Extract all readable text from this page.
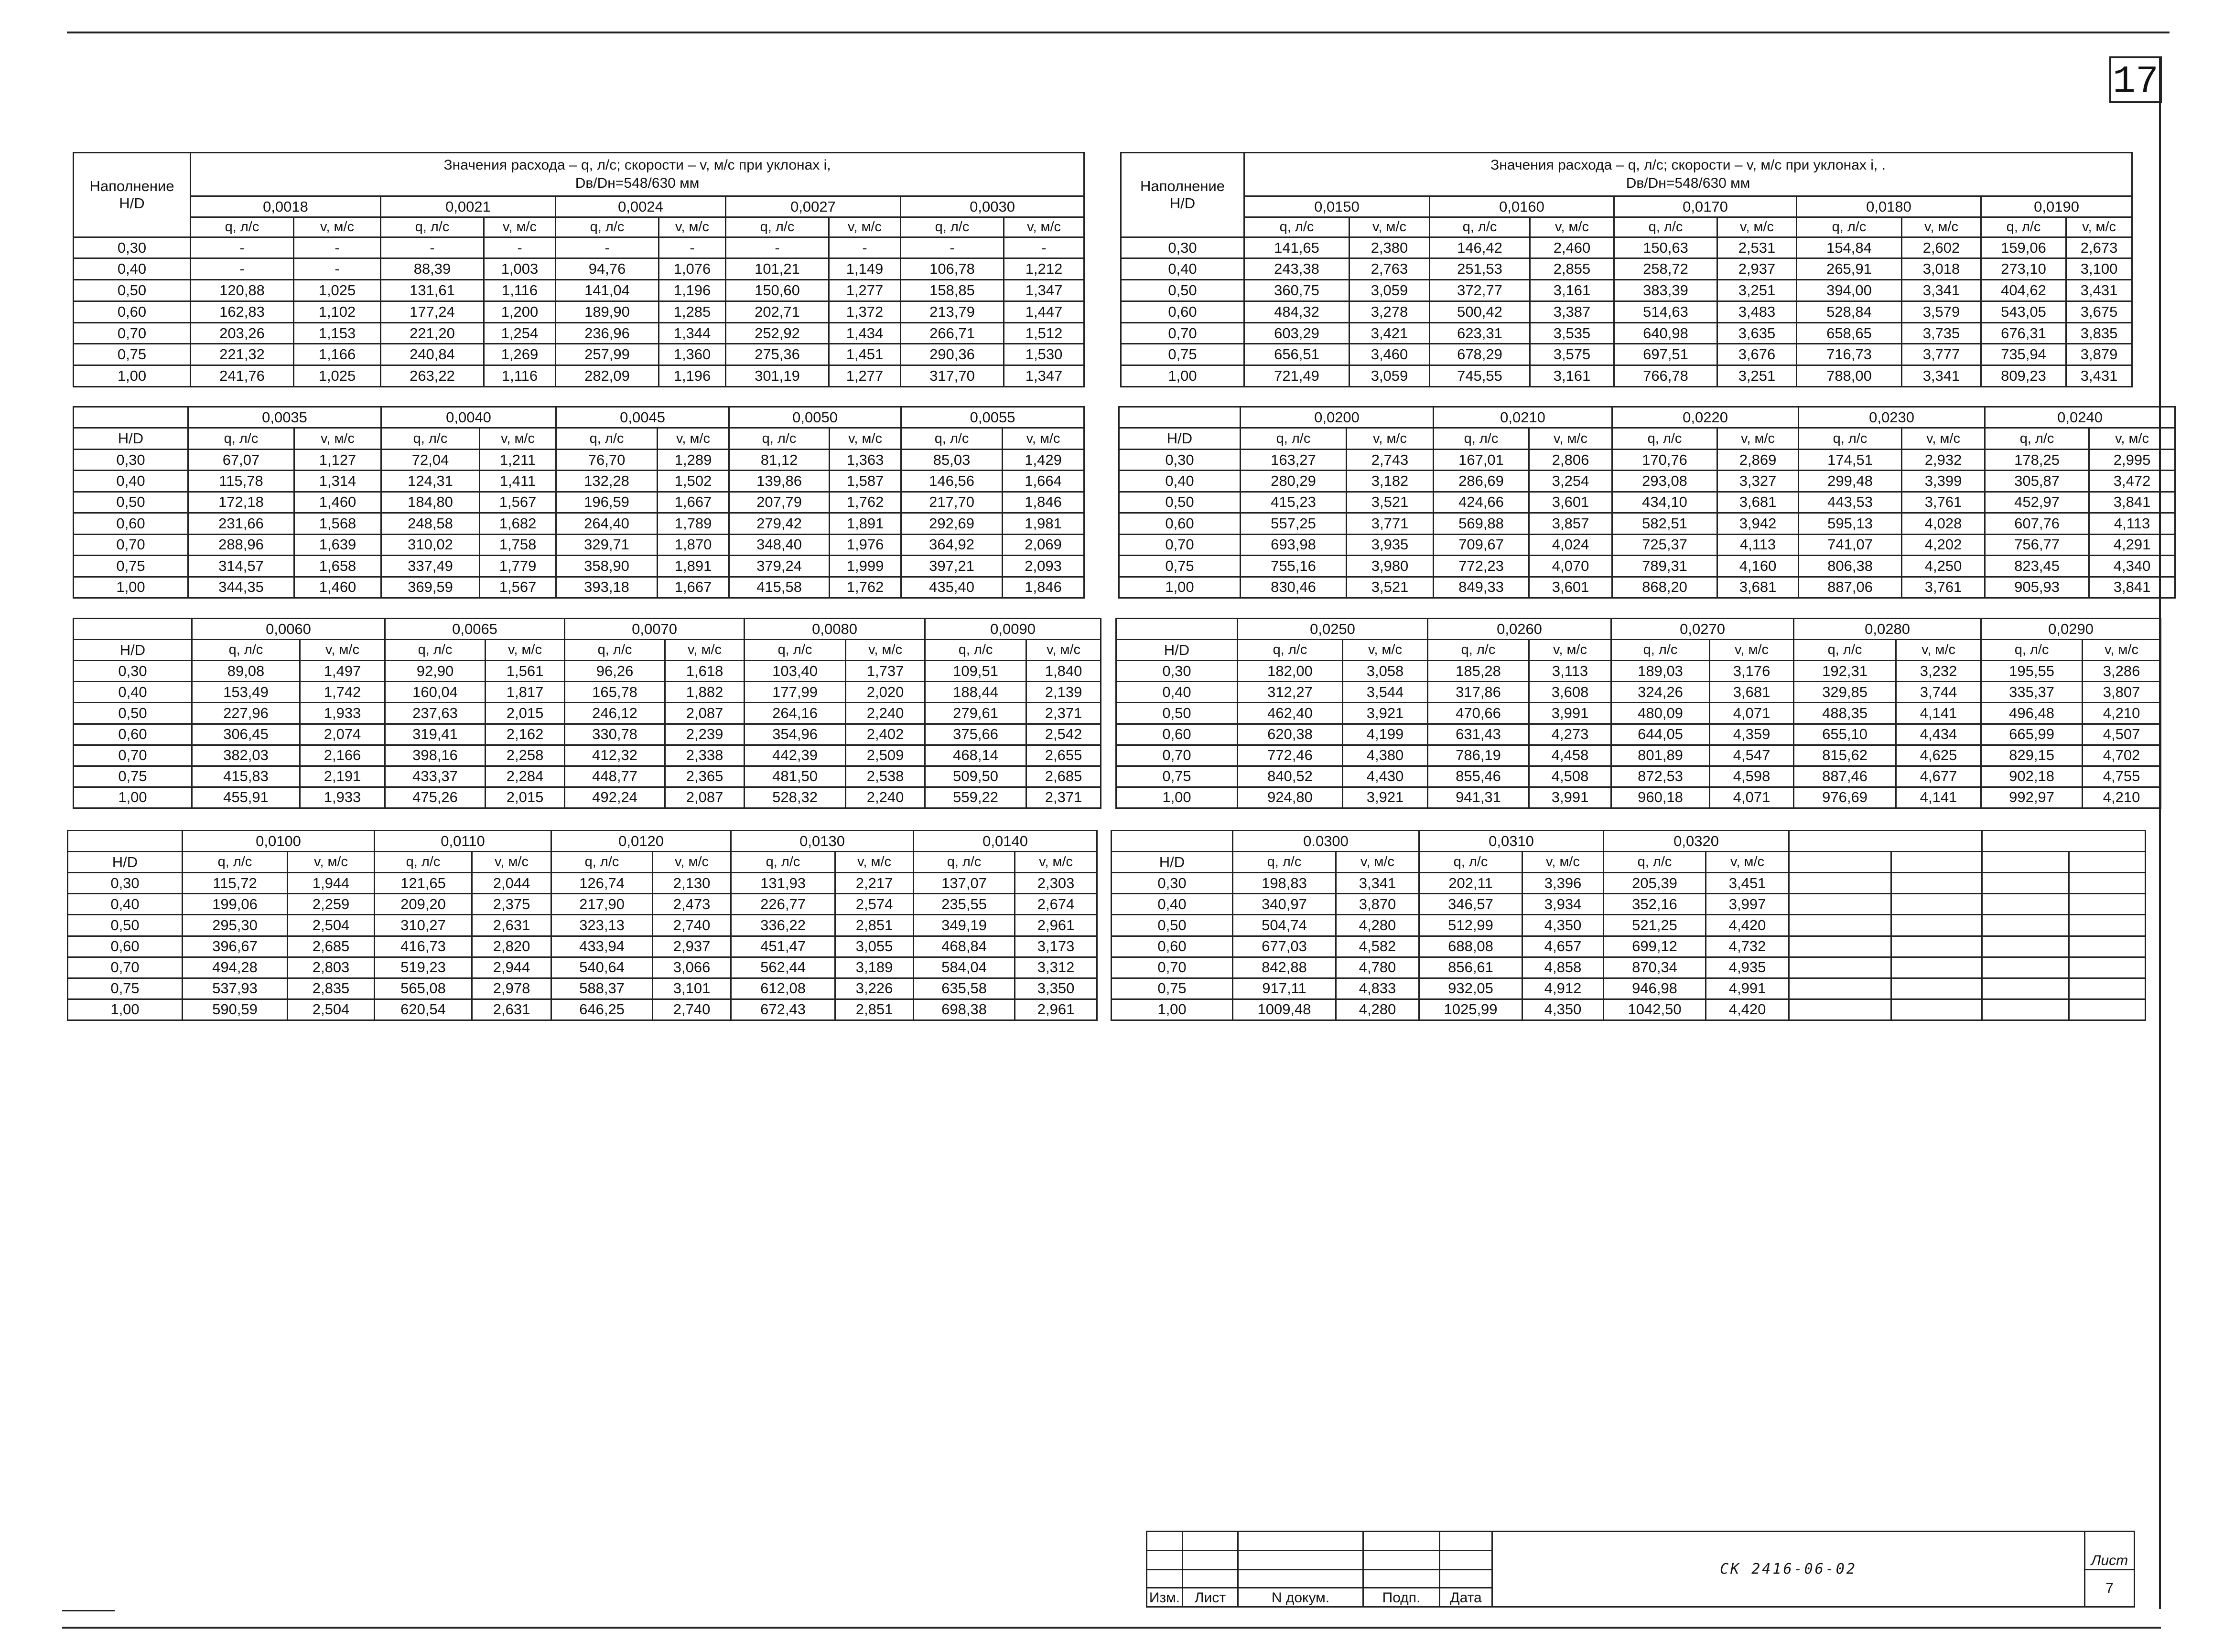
17
Наполнение
H/D	Значения расхода – q, л/с; скорости – v, м/с при уклонах i,
Dв/Dн=548/630 мм									
	0,0018		0,0021		0,0024		0,0027		0,0030	
	q, л/с	v, м/с	q, л/с	v, м/с	q, л/с	v, м/с	q, л/с	v, м/с	q, л/с	v, м/с
0,30	-	-	-	-	-	-	-	-	-	-
0,40	-	-	88,39	1,003	94,76	1,076	101,21	1,149	106,78	1,212
0,50	120,88	1,025	131,61	1,116	141,04	1,196	150,60	1,277	158,85	1,347
0,60	162,83	1,102	177,24	1,200	189,90	1,285	202,71	1,372	213,79	1,447
0,70	203,26	1,153	221,20	1,254	236,96	1,344	252,92	1,434	266,71	1,512
0,75	221,32	1,166	240,84	1,269	257,99	1,360	275,36	1,451	290,36	1,530
1,00	241,76	1,025	263,22	1,116	282,09	1,196	301,19	1,277	317,70	1,347
	0,0035		0,0040		0,0045		0,0050		0,0055	
H/D	q, л/с	v, м/с	q, л/с	v, м/с	q, л/с	v, м/с	q, л/с	v, м/с	q, л/с	v, м/с
0,30	67,07	1,127	72,04	1,211	76,70	1,289	81,12	1,363	85,03	1,429
0,40	115,78	1,314	124,31	1,411	132,28	1,502	139,86	1,587	146,56	1,664
0,50	172,18	1,460	184,80	1,567	196,59	1,667	207,79	1,762	217,70	1,846
0,60	231,66	1,568	248,58	1,682	264,40	1,789	279,42	1,891	292,69	1,981
0,70	288,96	1,639	310,02	1,758	329,71	1,870	348,40	1,976	364,92	2,069
0,75	314,57	1,658	337,49	1,779	358,90	1,891	379,24	1,999	397,21	2,093
1,00	344,35	1,460	369,59	1,567	393,18	1,667	415,58	1,762	435,40	1,846
	0,0060		0,0065		0,0070		0,0080		0,0090	
H/D	q, л/с	v, м/с	q, л/с	v, м/с	q, л/с	v, м/с	q, л/с	v, м/с	q, л/с	v, м/с
0,30	89,08	1,497	92,90	1,561	96,26	1,618	103,40	1,737	109,51	1,840
0,40	153,49	1,742	160,04	1,817	165,78	1,882	177,99	2,020	188,44	2,139
0,50	227,96	1,933	237,63	2,015	246,12	2,087	264,16	2,240	279,61	2,371
0,60	306,45	2,074	319,41	2,162	330,78	2,239	354,96	2,402	375,66	2,542
0,70	382,03	2,166	398,16	2,258	412,32	2,338	442,39	2,509	468,14	2,655
0,75	415,83	2,191	433,37	2,284	448,77	2,365	481,50	2,538	509,50	2,685
1,00	455,91	1,933	475,26	2,015	492,24	2,087	528,32	2,240	559,22	2,371
	0,0100		0,0110		0,0120		0,0130		0,0140	
H/D	q, л/с	v, м/с	q, л/с	v, м/с	q, л/с	v, м/с	q, л/с	v, м/с	q, л/с	v, м/с
0,30	115,72	1,944	121,65	2,044	126,74	2,130	131,93	2,217	137,07	2,303
0,40	199,06	2,259	209,20	2,375	217,90	2,473	226,77	2,574	235,55	2,674
0,50	295,30	2,504	310,27	2,631	323,13	2,740	336,22	2,851	349,19	2,961
0,60	396,67	2,685	416,73	2,820	433,94	2,937	451,47	3,055	468,84	3,173
0,70	494,28	2,803	519,23	2,944	540,64	3,066	562,44	3,189	584,04	3,312
0,75	537,93	2,835	565,08	2,978	588,37	3,101	612,08	3,226	635,58	3,350
1,00	590,59	2,504	620,54	2,631	646,25	2,740	672,43	2,851	698,38	2,961
Наполнение
H/D	Значения расхода – q, л/с; скорости – v, м/с при уклонах i, .
Dв/Dн=548/630 мм									
	0,0150		0,0160		0,0170		0,0180		0,0190	
	q, л/с	v, м/с	q, л/с	v, м/с	q, л/с	v, м/с	q, л/с	v, м/с	q, л/с	v, м/с
0,30	141,65	2,380	146,42	2,460	150,63	2,531	154,84	2,602	159,06	2,673
0,40	243,38	2,763	251,53	2,855	258,72	2,937	265,91	3,018	273,10	3,100
0,50	360,75	3,059	372,77	3,161	383,39	3,251	394,00	3,341	404,62	3,431
0,60	484,32	3,278	500,42	3,387	514,63	3,483	528,84	3,579	543,05	3,675
0,70	603,29	3,421	623,31	3,535	640,98	3,635	658,65	3,735	676,31	3,835
0,75	656,51	3,460	678,29	3,575	697,51	3,676	716,73	3,777	735,94	3,879
1,00	721,49	3,059	745,55	3,161	766,78	3,251	788,00	3,341	809,23	3,431
	0,0200		0,0210		0,0220		0,0230		0,0240	
H/D	q, л/с	v, м/с	q, л/с	v, м/с	q, л/с	v, м/с	q, л/с	v, м/с	q, л/с	v, м/с
0,30	163,27	2,743	167,01	2,806	170,76	2,869	174,51	2,932	178,25	2,995
0,40	280,29	3,182	286,69	3,254	293,08	3,327	299,48	3,399	305,87	3,472
0,50	415,23	3,521	424,66	3,601	434,10	3,681	443,53	3,761	452,97	3,841
0,60	557,25	3,771	569,88	3,857	582,51	3,942	595,13	4,028	607,76	4,113
0,70	693,98	3,935	709,67	4,024	725,37	4,113	741,07	4,202	756,77	4,291
0,75	755,16	3,980	772,23	4,070	789,31	4,160	806,38	4,250	823,45	4,340
1,00	830,46	3,521	849,33	3,601	868,20	3,681	887,06	3,761	905,93	3,841
	0,0250		0,0260		0,0270		0,0280		0,0290	
H/D	q, л/с	v, м/с	q, л/с	v, м/с	q, л/с	v, м/с	q, л/с	v, м/с	q, л/с	v, м/с
0,30	182,00	3,058	185,28	3,113	189,03	3,176	192,31	3,232	195,55	3,286
0,40	312,27	3,544	317,86	3,608	324,26	3,681	329,85	3,744	335,37	3,807
0,50	462,40	3,921	470,66	3,991	480,09	4,071	488,35	4,141	496,48	4,210
0,60	620,38	4,199	631,43	4,273	644,05	4,359	655,10	4,434	665,99	4,507
0,70	772,46	4,380	786,19	4,458	801,89	4,547	815,62	4,625	829,15	4,702
0,75	840,52	4,430	855,46	4,508	872,53	4,598	887,46	4,677	902,18	4,755
1,00	924,80	3,921	941,31	3,991	960,18	4,071	976,69	4,141	992,97	4,210
	0.0300		0,0310		0,0320					
H/D	q, л/с	v, м/с	q, л/с	v, м/с	q, л/с	v, м/с				
0,30	198,83	3,341	202,11	3,396	205,39	3,451				
0,40	340,97	3,870	346,57	3,934	352,16	3,997				
0,50	504,74	4,280	512,99	4,350	521,25	4,420				
0,60	677,03	4,582	688,08	4,657	699,12	4,732				
0,70	842,88	4,780	856,61	4,858	870,34	4,935				
0,75	917,11	4,833	932,05	4,912	946,98	4,991				
1,00	1009,48	4,280	1025,99	4,350	1042,50	4,420				
					СК 2416-06-02	Лист

						7
Изм.	Лист	N докум.	Подп.	Дата		
